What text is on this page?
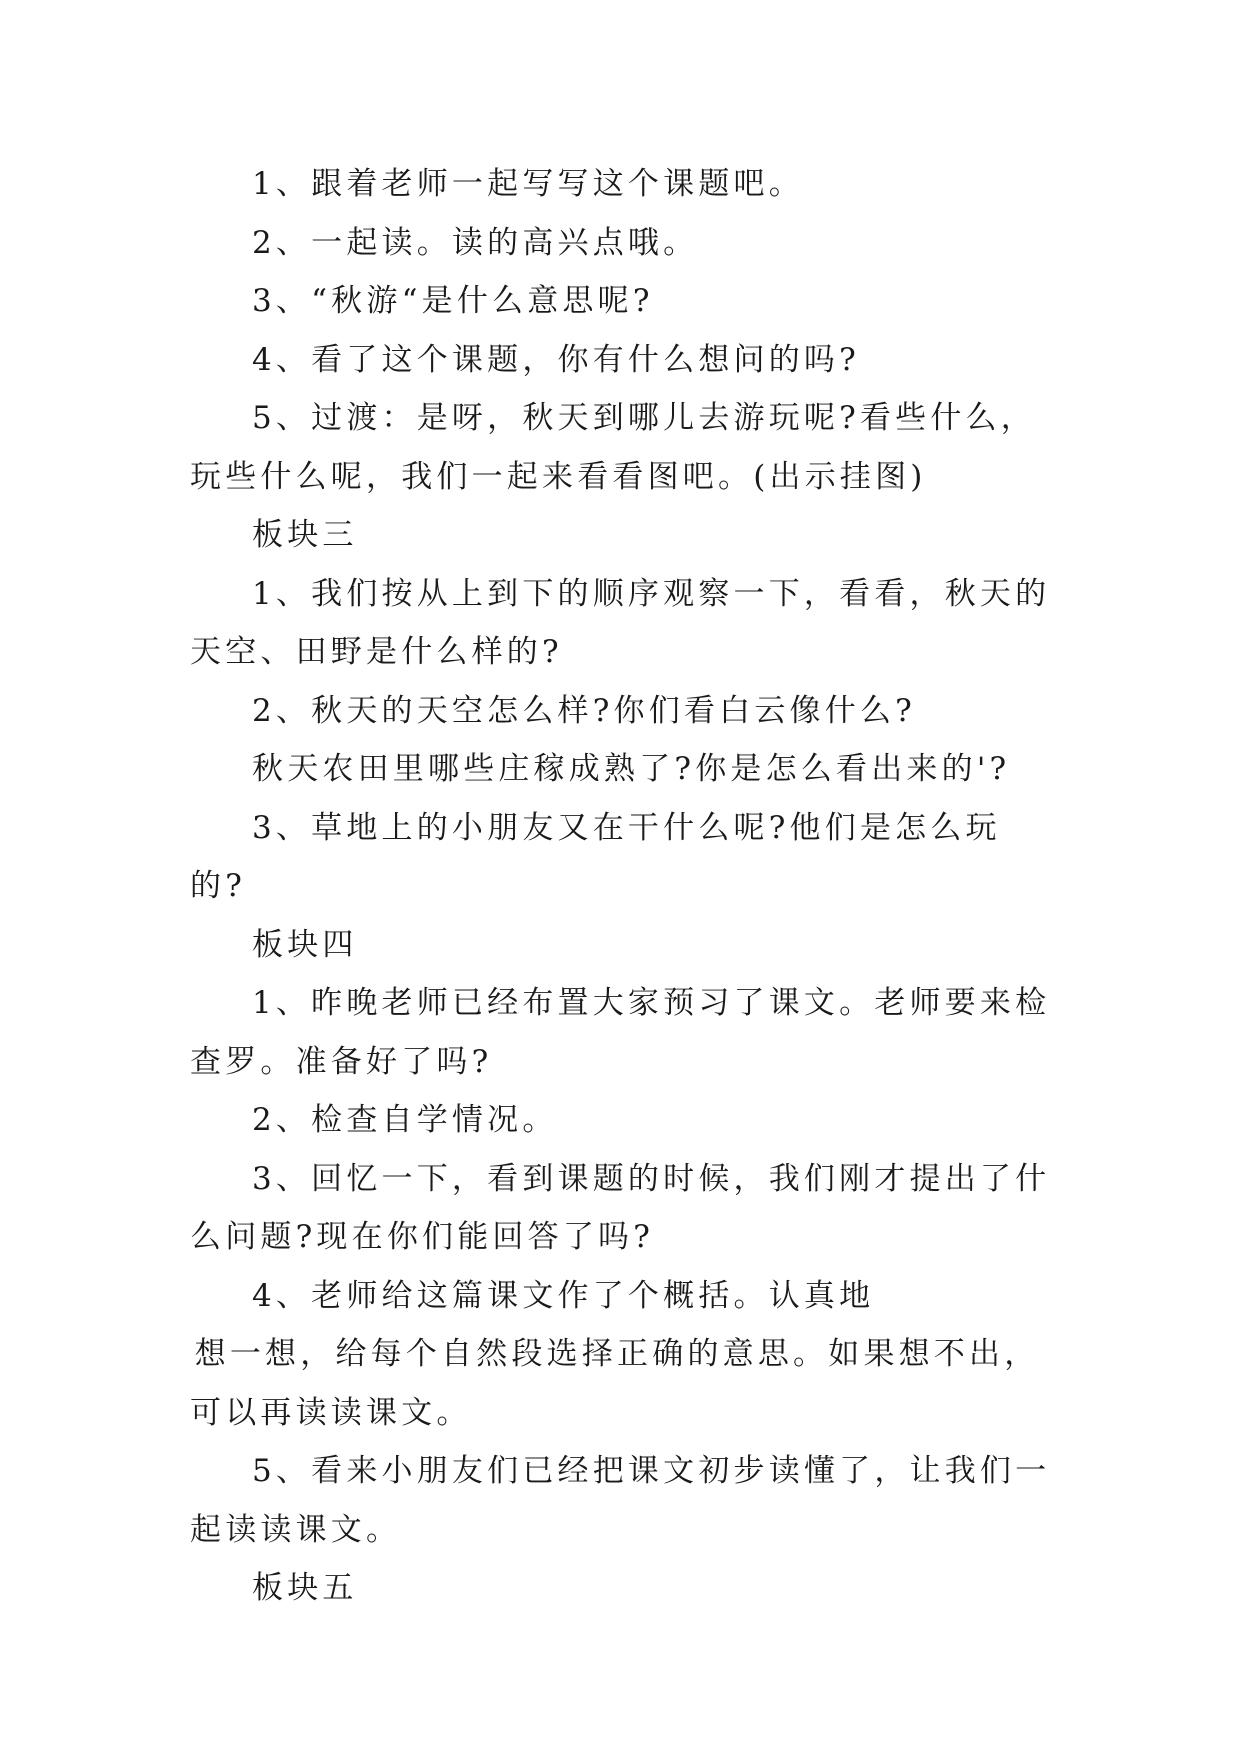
1、跟着老师一起写写这个课题吧。

2、一起读。读的高兴点哦。

3、“秋游“是什么意思呢?

4、看了这个课题，你有什么想问的吗?

5、过渡：是呀，秋天到哪儿去游玩呢?看些什么，玩些什么呢，我们一起来看看图吧。(出示挂图)

板块三

1、我们按从上到下的顺序观察一下，看看，秋天的天空、田野是什么样的?

2、秋天的天空怎么样?你们看白云像什么?

秋天农田里哪些庄稼成熟了?你是怎么看出来的'?

3、草地上的小朋友又在干什么呢?他们是怎么玩的?

板块四

1、昨晚老师已经布置大家预习了课文。老师要来检查罗。准备好了吗?

2、检查自学情况。

3、回忆一下，看到课题的时候，我们刚才提出了什么问题?现在你们能回答了吗?

4、老师给这篇课文作了个概括。认真地

想一想，给每个自然段选择正确的意思。如果想不出，可以再读读课文。

5、看来小朋友们已经把课文初步读懂了，让我们一起读读课文。

板块五
